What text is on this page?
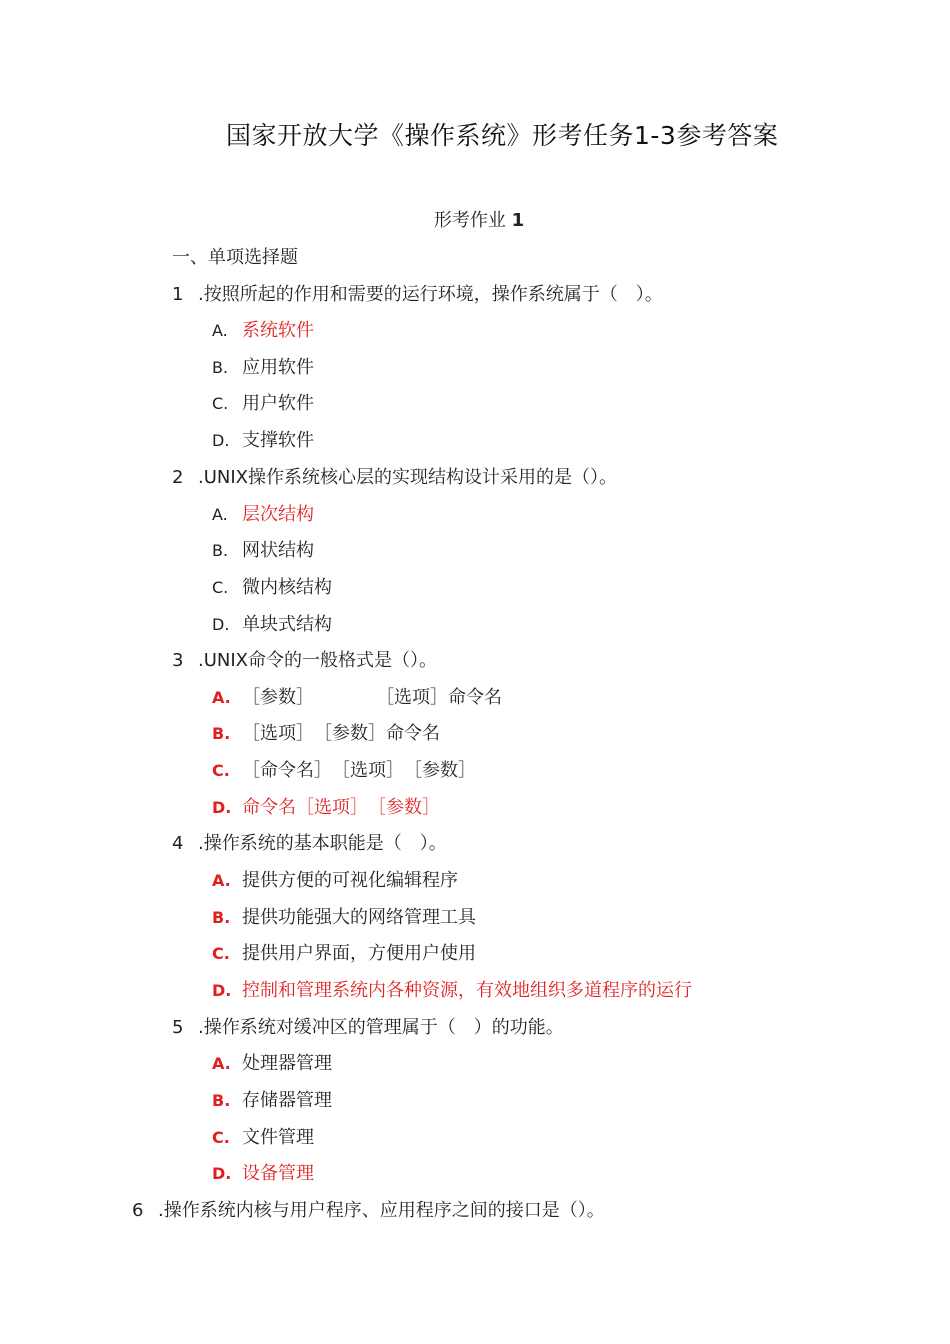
国家开放大学《操作系统》形考任务1-3参考答案
形考作业 1
一、单项选择题
1 .按照所起的作用和需要的运行环境，操作系统属于（　）。
A. 系统软件
B. 应用软件
C. 用户软件
D. 支撑软件
2 .UNIX操作系统核心层的实现结构设计采用的是（）。
A. 层次结构
B. 网状结构
C. 微内核结构
D. 单块式结构
3 .UNIX命令的一般格式是（）。
A. ［参数］	［选项］命令名
B. ［选项］　［参数］命令名
C. ［命令名］　［选项］　［参数］
D. 命令名［选项］　［参数］
4 .操作系统的基本职能是（　）。
A. 提供方便的可视化编辑程序
B. 提供功能强大的网络管理工具
C. 提供用户界面，方便用户使用
D. 控制和管理系统内各种资源，有效地组织多道程序的运行
5 .操作系统对缓冲区的管理属于（　）的功能。
A. 处理器管理
B. 存储器管理
C. 文件管理
D. 设备管理
6 .操作系统内核与用户程序、应用程序之间的接口是（）。
